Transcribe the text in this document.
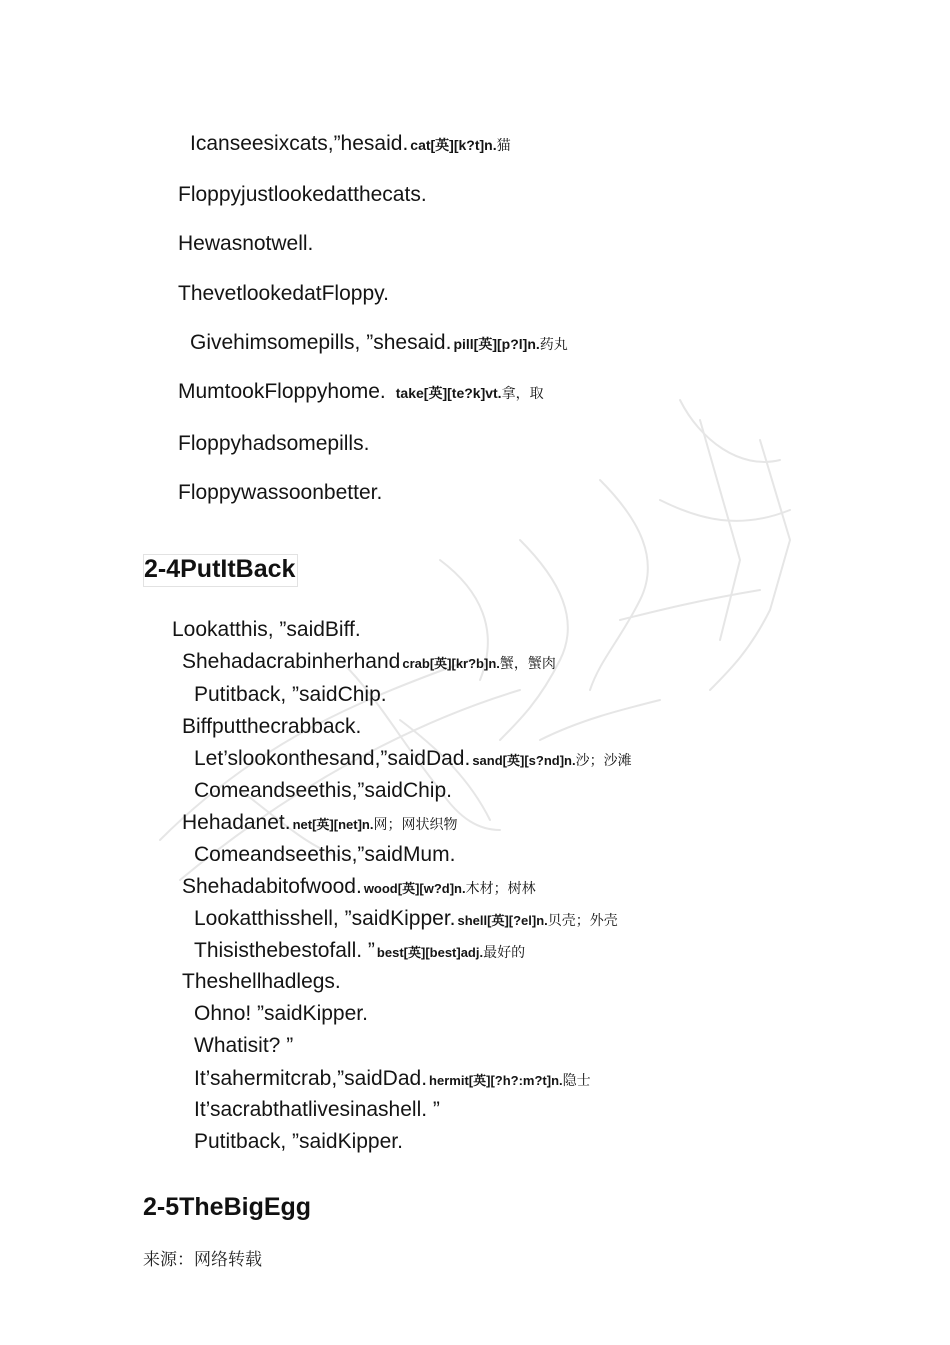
Icanseesixcats,”hesaid. cat[英][k?t]n.猫
Floppyjustlookedatthecats.
Hewasnotwell.
ThevetlookedatFloppy.
Givehimsomepills, ”shesaid. pill[英][p?l]n.药丸
MumtookFloppyhome. take[英][te?k]vt.拿，取
Floppyhadsomepills.
Floppywassoonbetter.
2-4PutItBack
Lookatthis, ”saidBiff.
Shehadacrabinherhand crab[英][kr?b]n.蟹，蟹肉
Putitback, ”saidChip.
Biffputthecrabback.
Let’slookonthesand,”saidDad. sand[英][s?nd]n.沙；沙滩
Comeandseethis,”saidChip.
Hehadanet. net[英][net]n.网；网状织物
Comeandseethis,”saidMum.
Shehadabitofwood. wood[英][w?d]n.木材；树林
Lookatthisshell, ”saidKipper. shell[英][?el]n.贝壳；外壳
Thisisthebestofall. ” best[英][best]adj.最好的
Theshellhadlegs.
Ohno! ”saidKipper.
Whatisit? ”
It’sahermitcrab,”saidDad. hermit[英][?h?:m?t]n.隐士
It’sacrabthatlivesinashell. ”
Putitback, ”saidKipper.
2-5TheBigEgg
来源：网络转载
